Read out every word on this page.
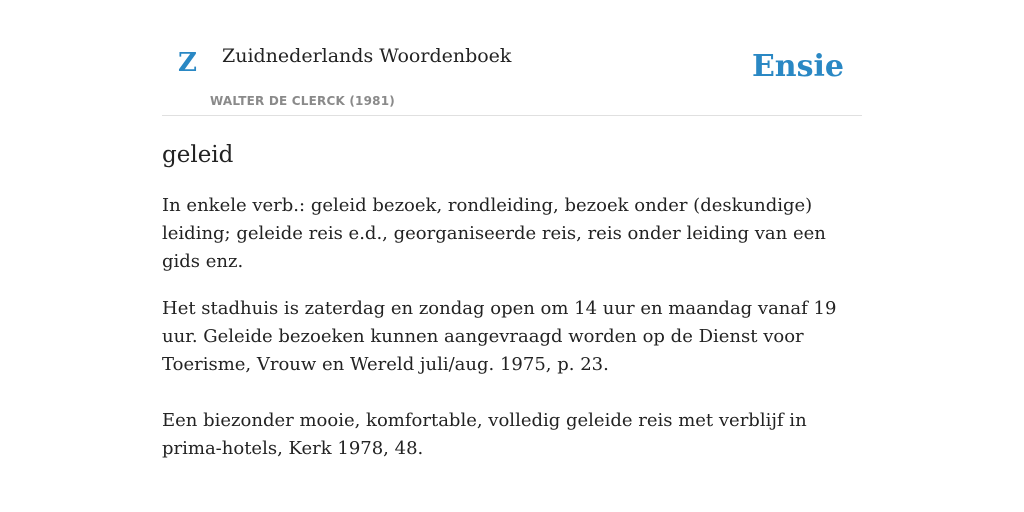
Z Zuidnederlands Woordenboek
WALTER DE CLERCK (1981)
Ensie
geleid

In enkele verb.: geleid bezoek, rondleiding, bezoek onder (deskundige) leiding; geleide reis e.d., georganiseerde reis, reis onder leiding van een gids enz.

Het stadhuis is zaterdag en zondag open om 14 uur en maandag vanaf 19 uur. Geleide bezoeken kunnen aangevraagd worden op de Dienst voor Toerisme, Vrouw en Wereld juli/aug. 1975, p. 23.

Een biezonder mooie, komfortable, volledig geleide reis met verblijf in prima-hotels, Kerk 1978, 48.
